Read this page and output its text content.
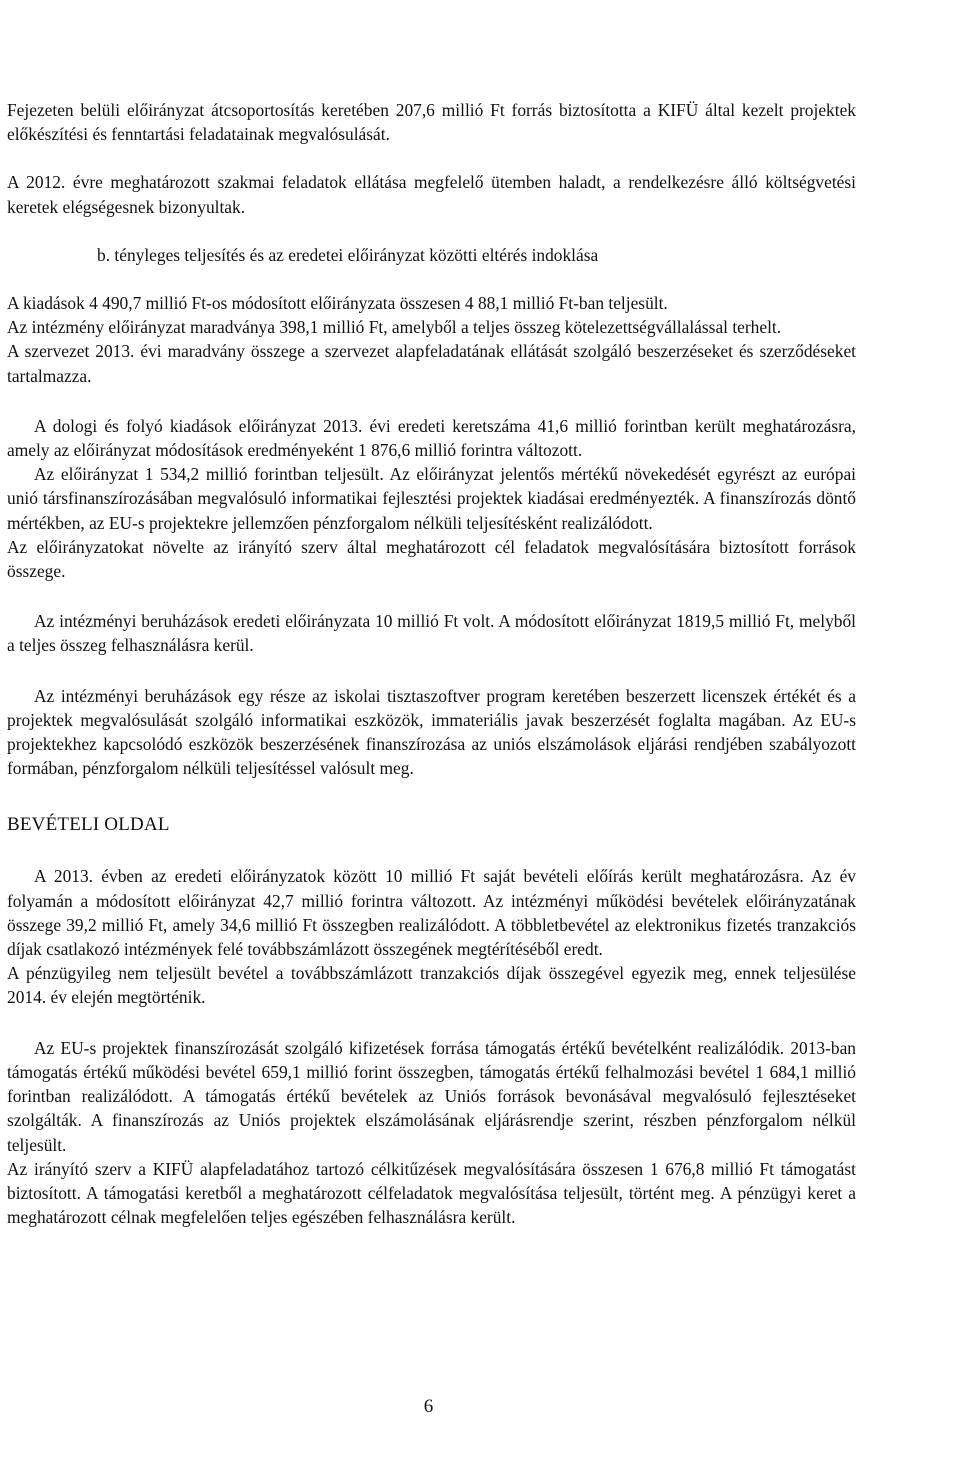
Fejezeten belüli előirányzat átcsoportosítás keretében 207,6 millió Ft forrás biztosította a KIFÜ által kezelt projektek előkészítési és fenntartási feladatainak megvalósulását.

A 2012. évre meghatározott szakmai feladatok ellátása megfelelő ütemben haladt, a rendelkezésre álló költségvetési keretek elégségesnek bizonyultak.

b. tényleges teljesítés és az eredetei előirányzat közötti eltérés indoklása

A kiadások 4 490,7 millió Ft-os módosított előirányzata összesen 4 88,1 millió Ft-ban teljesült.

Az intézmény előirányzat maradványa 398,1 millió Ft, amelyből a teljes összeg kötelezettségvállalással terhelt.

A szervezet 2013. évi maradvány összege a szervezet alapfeladatának ellátását szolgáló beszerzéseket és szerződéseket tartalmazza.

A dologi és folyó kiadások előirányzat 2013. évi eredeti keretszáma 41,6 millió forintban került meghatározásra, amely az előirányzat módosítások eredményeként 1 876,6 millió forintra változott.

Az előirányzat 1 534,2 millió forintban teljesült. Az előirányzat jelentős mértékű növekedését egyrészt az európai unió társfinanszírozásában megvalósuló informatikai fejlesztési projektek kiadásai eredményezték. A finanszírozás döntő mértékben, az EU-s projektekre jellemzően pénzforgalom nélküli teljesítésként realizálódott.

Az előirányzatokat növelte az irányító szerv által meghatározott cél feladatok megvalósítására biztosított források összege.

Az intézményi beruházások eredeti előirányzata 10 millió Ft volt. A módosított előirányzat 1819,5 millió Ft, melyből a teljes összeg felhasználásra kerül.

Az intézményi beruházások egy része az iskolai tisztaszoftver program keretében beszerzett licenszek értékét és a projektek megvalósulását szolgáló informatikai eszközök, immateriális javak beszerzését foglalta magában. Az EU-s projektekhez kapcsolódó eszközök beszerzésének finanszírozása az uniós elszámolások eljárási rendjében szabályozott formában, pénzforgalom nélküli teljesítéssel valósult meg.

BEVÉTELI OLDAL

A 2013. évben az eredeti előirányzatok között 10 millió Ft saját bevételi előírás került meghatározásra. Az év folyamán a módosított előirányzat 42,7 millió forintra változott. Az intézményi működési bevételek előirányzatának összege 39,2 millió Ft, amely 34,6 millió Ft összegben realizálódott. A többletbevétel az elektronikus fizetés tranzakciós díjak csatlakozó intézmények felé továbbszámlázott összegének megtérítéséből eredt.

A pénzügyileg nem teljesült bevétel a továbbszámlázott tranzakciós díjak összegével egyezik meg, ennek teljesülése 2014. év elején megtörténik.

Az EU-s projektek finanszírozását szolgáló kifizetések forrása támogatás értékű bevételként realizálódik. 2013-ban támogatás értékű működési bevétel 659,1 millió forint összegben, támogatás értékű felhalmozási bevétel 1 684,1 millió forintban realizálódott. A támogatás értékű bevételek az Uniós források bevonásával megvalósuló fejlesztéseket szolgálták. A finanszírozás az Uniós projektek elszámolásának eljárásrendje szerint, részben pénzforgalom nélkül teljesült.

Az irányító szerv a KIFÜ alapfeladatához tartozó célkitűzések megvalósítására összesen 1 676,8 millió Ft támogatást biztosított. A támogatási keretből a meghatározott célfeladatok megvalósítása teljesült, történt meg. A pénzügyi keret a meghatározott célnak megfelelően teljes egészében felhasználásra került.

6
